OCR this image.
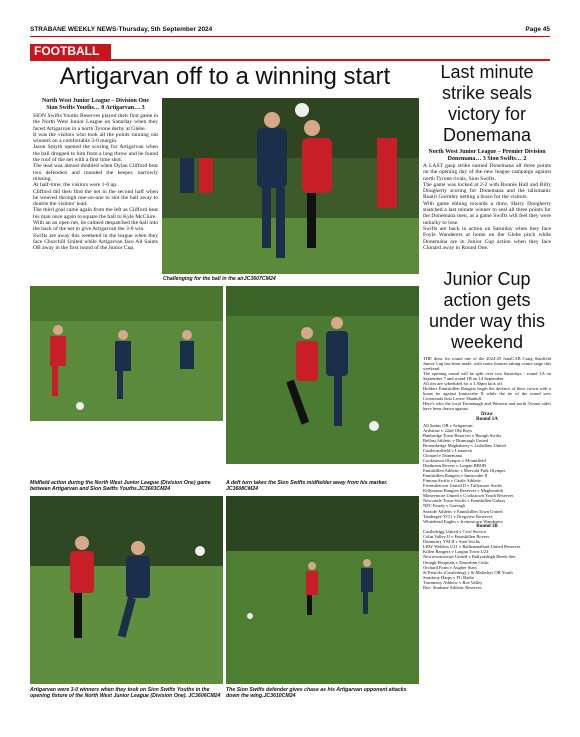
STRABANE WEEKLY NEWS-Thursday, 5th September 2024	Page 45
FOOTBALL
Artigarvan off to a winning start
North West Junior League – Division One
Sion Swifts Youths… 0 Artigarvan… 3
SION Swifts Youths Reserves played their first game in the North West Junior League on Saturday when they faced Artigarvan in a north Tyrone derby at Glebe.
It was the visitors who took all the points running out winners on a comfortable 3-0 margin.
Jason Smyth opened the scoring for Artigarvan when the ball dropped to him from a long throw and he found the roof of the net with a first time shot.
The lead was almost doubled when Dylan Clifford beat two defenders and rounded the keeper, narrowly missing.
At half-time, the visitors were 1-0 up.
Clifford did then find the net in the second half when he weaved through one-on-one to slot the ball away to double the visitors' lead.
The third goal came again from the left as Clifford beat his man once again to square the ball to Kyle McClure.
With an an open net, he calmed despatched the ball into the back of the net to give Artigarvan the 3-0 win.
Swifts are away this weekend in the league when they face Churchill United while Artigarvan face All Saints OB away in the first round of the Junior Cup.
Challenging for the ball in the airJC3607CM24
Midfield action during the North West Junior League (Division One) game between Artigarvan and Sion Swifts Youths.JC3603CM24
A deft turn takes the Sion Swifts midfielder away from his marker. JC3608CM24
Artigarvan were 3-0 winners when they took on Sion Swifts Youths in the opening fixture of the North West Junior League (Division One). JC3606CM24
The Sion Swifts defender gives chase as his Artigarvan opponent attacks down the wing.JC3610CM24
Last minute strike seals victory for Donemana
North West Junior League – Premier Division
Donemana… 3 Sion Swifts… 2
A LAST gasp strike earned Donemana all three points on the opening day of the new league campaign against north Tyrone rivals, Sion Swifts.
The game was locked at 2-2 with Ronnie Hall and Billy Dougherty scoring for Donemana and the talismanic Ruairi Gormley netting a brace for the visitors.
With game ebbing towards a draw, Harry Dougherty snatched a last minute winner to seal all three points for the Donemana men, as a game Swifts will feel they were unlucky to lose.
Swifts are back in action on Saturday when they face Foyle Wanderers at home on the Glebe pitch while Donemana are in Junior Cup action when they face Clonard away in Round One.
Junior Cup action gets under way this weekend
THE draw for round one of the 2024-25 fonaCAB Craig Stanfield Junior Cup has been made, with some fixtures taking centre stage this weekend.
The opening round will be split over two Saturdays - round 1A on September 7 and round 1B on 14 September.
All ties are scheduled for a 1.30pm kick off.
Holders Enniskillen Rangers begin the defence of their crown with a home tie against Inniscrahe II while the tie of the round sees Crossroads host Lower Shankill.
Here's who the local Fermanagh and Western and north Tyrone sides have been drawn against.
Draw
Round 1A
All Saints OB v Artigarvan
Ardstraw v 22nd Old Boys
Banbridge Town Reserves v Baragh Swifts
Belfast Athletic v Drumragh United
Broomhedge Maghaberry v Lisbellaw United
Castlecaulfield v Lisnarick
Clonard v Donemana
Cookstown Olympic v Mountfield
Dunbreen Rovers v Lurgan BBOB
Enniskillen Athletic v Mervola Park Olympic
Enniskillen Rangers v Inniscrahe II
Fintona Swifts v Castle Athletic
Fivemiletown United II v Tullymore Swifts
Killymoon Rangers Reserves v Magherafelt
Moneymore United v Cookstown Youth Reserves
Newcastle Town Swifts v Enniskillen Galaxy
NFC Keady v Garvagh
Seaside Athletic v Enniskillen Town United
Tandragee YCG v Dregview Reserves
Whitehead Eagles v Irvinestown Wanderers
Round 1B
Castledeigg United v Civil Service
Colin Valley II v Enniskillen Rovers
Dunmurry YM II v Sion Swifts
LBW Welders U21 v Ballinamallard United Reserves
Killen Rangers v Lurgan Town U23
Newtownstewart United v Ballyrashigh Beeds Site
Omagh Hospitals v Drumfinn Celtic
Orchard Farm v Augher Stars
St Patricks (Castlederg) v St Malachys OB Youth
Strathroy Harps v FC Badia
Trummery Athletic v Roe Valley
Bye: Strabane Athletic Reserves
